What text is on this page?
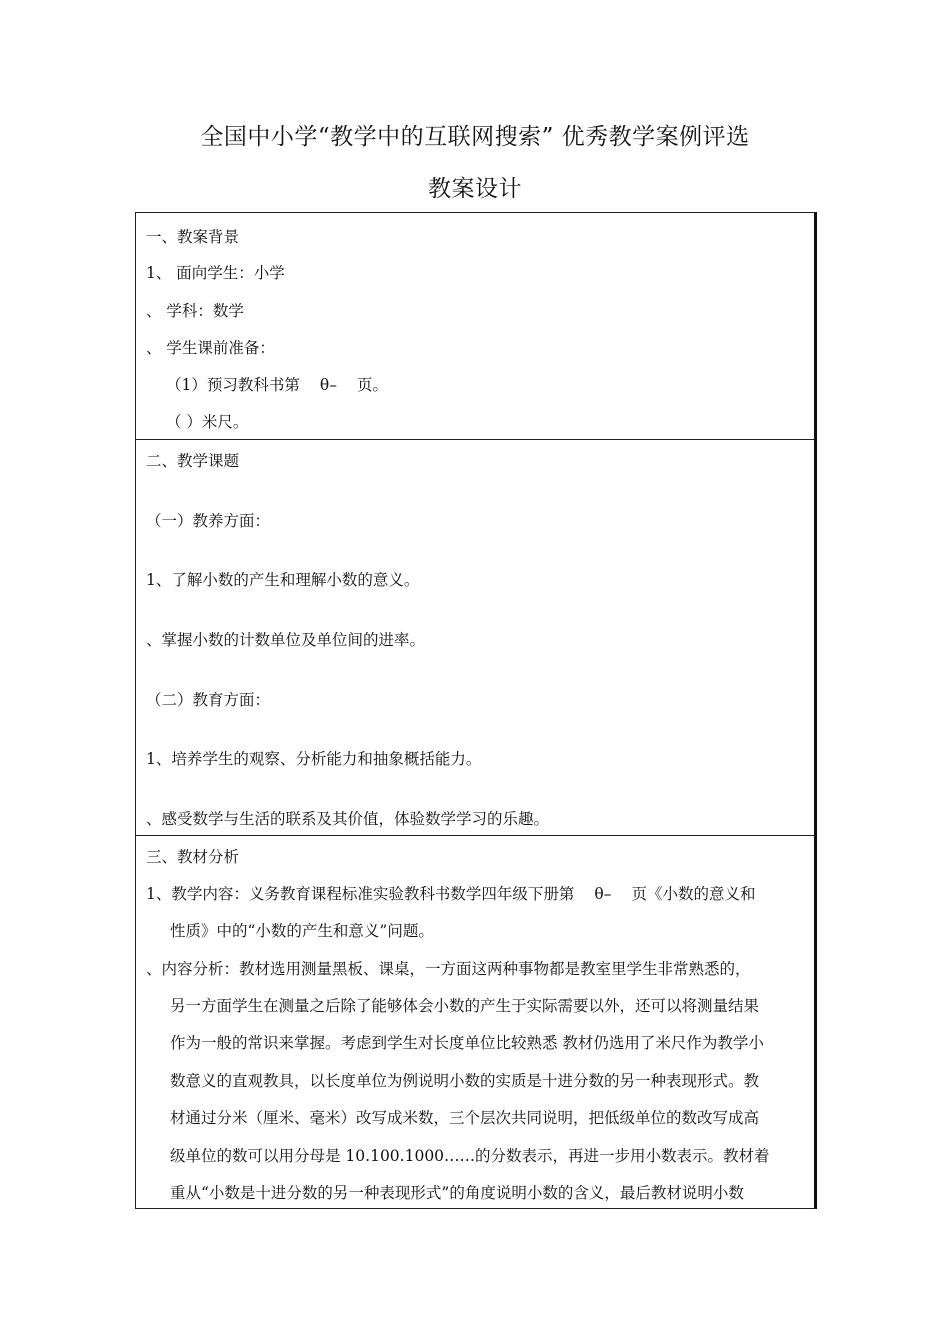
全国中小学“教学中的互联网搜索” 优秀教学案例评选
教案设计
一、教案背景
1、 面向学生：小学
、 学科：数学
、 学生课前准备：
（1）预习教科书第 θ– 页。
（ ）米尺。
二、教学课题
（一）教养方面：
1、了解小数的产生和理解小数的意义。
、掌握小数的计数单位及单位间的进率。
（二）教育方面：
1、培养学生的观察、分析能力和抽象概括能力。
、感受数学与生活的联系及其价值，体验数学学习的乐趣。
三、教材分析
1、教学内容：义务教育课程标准实验教科书数学四年级下册第 θ– 页《小数的意义和
性质》中的“小数的产生和意义”问题。
、内容分析：教材选用测量黑板、课桌，一方面这两种事物都是教室里学生非常熟悉的，
另一方面学生在测量之后除了能够体会小数的产生于实际需要以外，还可以将测量结果
作为一般的常识来掌握。考虑到学生对长度单位比较熟悉 教材仍选用了米尺作为教学小
数意义的直观教具，以长度单位为例说明小数的实质是十进分数的另一种表现形式。教
材通过分米（厘米、毫米）改写成米数，三个层次共同说明，把低级单位的数改写成高
级单位的数可以用分母是 10.100.1000……的分数表示，再进一步用小数表示。教材着
重从“小数是十进分数的另一种表现形式”的角度说明小数的含义，最后教材说明小数
